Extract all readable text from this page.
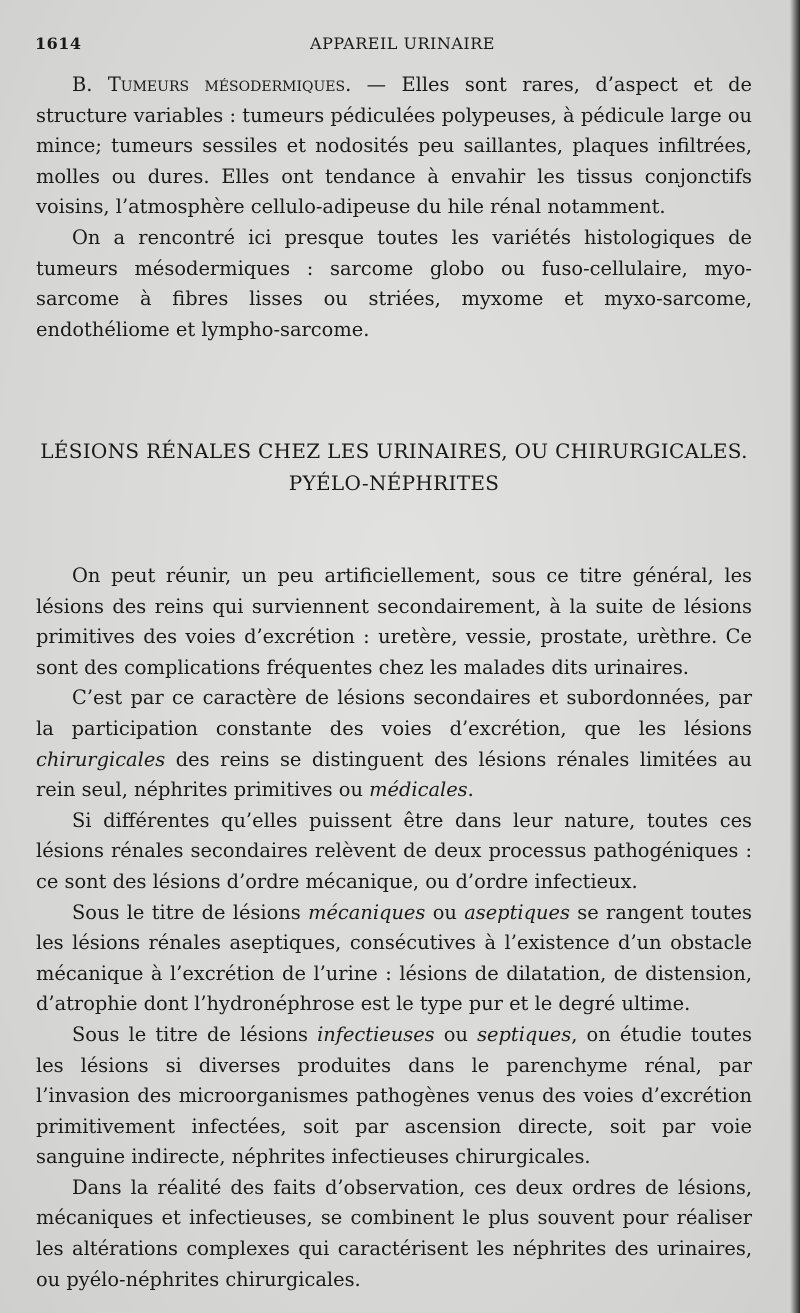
1614	APPAREIL URINAIRE

B. Tumeurs mésodermiques. — Elles sont rares, d’aspect et de structure variables : tumeurs pédiculées polypeuses, à pédicule large ou mince; tumeurs sessiles et nodosités peu saillantes, plaques infiltrées, molles ou dures. Elles ont tendance à envahir les tissus conjonctifs voisins, l’atmosphère cellulo-adipeuse du hile rénal notamment.

On a rencontré ici presque toutes les variétés histologiques de tumeurs mésodermiques : sarcome globo ou fuso-cellulaire, myo-sarcome à fibres lisses ou striées, myxome et myxo-sarcome, endothéliome et lympho-sarcome.

LÉSIONS RÉNALES CHEZ LES URINAIRES, OU CHIRURGICALES.
PYÉLO-NÉPHRITES

On peut réunir, un peu artificiellement, sous ce titre général, les lésions des reins qui surviennent secondairement, à la suite de lésions primitives des voies d’excrétion : uretère, vessie, prostate, urèthre. Ce sont des complications fréquentes chez les malades dits urinaires.

C’est par ce caractère de lésions secondaires et subordonnées, par la participation constante des voies d’excrétion, que les lésions chirurgicales des reins se distinguent des lésions rénales limitées au rein seul, néphrites primitives ou médicales.

Si différentes qu’elles puissent être dans leur nature, toutes ces lésions rénales secondaires relèvent de deux processus pathogéniques : ce sont des lésions d’ordre mécanique, ou d’ordre infectieux.

Sous le titre de lésions mécaniques ou aseptiques se rangent toutes les lésions rénales aseptiques, consécutives à l’existence d’un obstacle mécanique à l’excrétion de l’urine : lésions de dilatation, de distension, d’atrophie dont l’hydronéphrose est le type pur et le degré ultime.

Sous le titre de lésions infectieuses ou septiques, on étudie toutes les lésions si diverses produites dans le parenchyme rénal, par l’invasion des microorganismes pathogènes venus des voies d’excrétion primitivement infectées, soit par ascension directe, soit par voie sanguine indirecte, néphrites infectieuses chirurgicales.

Dans la réalité des faits d’observation, ces deux ordres de lésions, mécaniques et infectieuses, se combinent le plus souvent pour réaliser les altérations complexes qui caractérisent les néphrites des urinaires, ou pyélo-néphrites chirurgicales.
